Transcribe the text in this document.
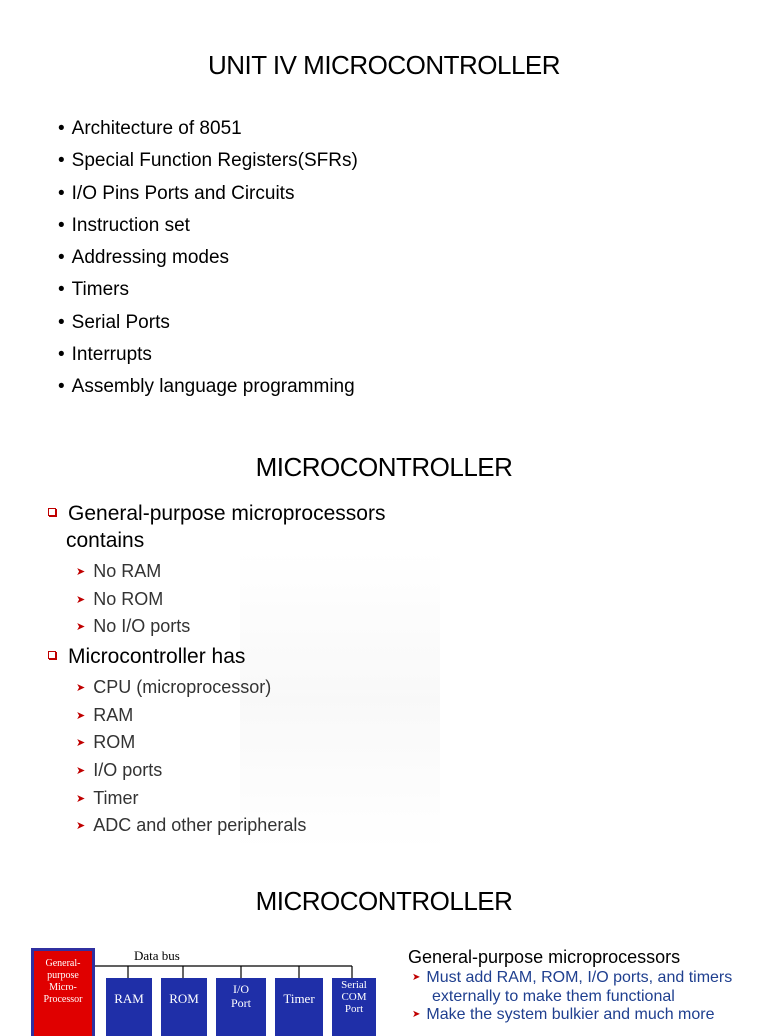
UNIT IV MICROCONTROLLER
• Architecture of 8051
• Special Function Registers(SFRs)
• I/O Pins Ports and Circuits
• Instruction set
• Addressing modes
• Timers
• Serial Ports
• Interrupts
• Assembly language programming
MICROCONTROLLER
General-purpose microprocessors
contains
➤ No RAM
➤ No ROM
➤ No I/O ports
Microcontroller has
➤ CPU (microprocessor)
➤ RAM
➤ ROM
➤ I/O ports
➤ Timer
➤ ADC and other peripherals
MICROCONTROLLER
General-
purpose
Micro-
Processor
Data bus
RAM ROM
I/O
Port Timer
Serial
COM
Port
General-purpose microprocessors
➤ Must add RAM, ROM, I/O ports, and timers externally to make them functional
➤ Make the system bulkier and much more
